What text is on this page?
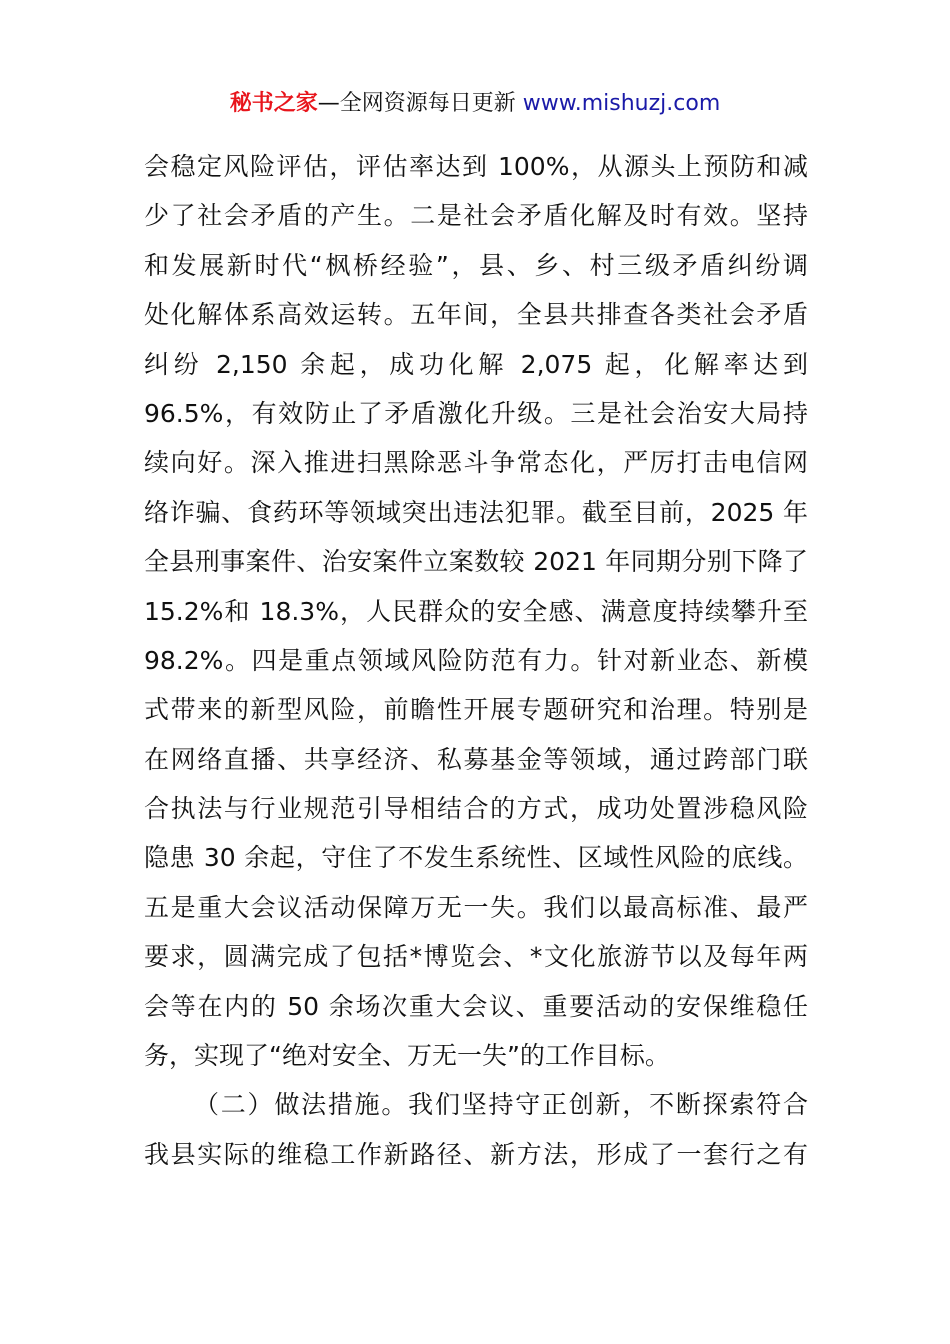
秘书之家—全网资源每日更新 www.mishuzj.com
会稳定风险评估，评估率达到 100%，从源头上预防和减
少了社会矛盾的产生。二是社会矛盾化解及时有效。坚持
和发展新时代“枫桥经验”，县、乡、村三级矛盾纠纷调
处化解体系高效运转。五年间，全县共排查各类社会矛盾
纠纷 2,150 余起，成功化解 2,075 起，化解率达到
96.5%，有效防止了矛盾激化升级。三是社会治安大局持
续向好。深入推进扫黑除恶斗争常态化，严厉打击电信网
络诈骗、食药环等领域突出违法犯罪。截至目前，2025 年
全县刑事案件、治安案件立案数较 2021 年同期分别下降了
15.2%和 18.3%，人民群众的安全感、满意度持续攀升至
98.2%。四是重点领域风险防范有力。针对新业态、新模
式带来的新型风险，前瞻性开展专题研究和治理。特别是
在网络直播、共享经济、私募基金等领域，通过跨部门联
合执法与行业规范引导相结合的方式，成功处置涉稳风险
隐患 30 余起，守住了不发生系统性、区域性风险的底线。
五是重大会议活动保障万无一失。我们以最高标准、最严
要求，圆满完成了包括*博览会、*文化旅游节以及每年两
会等在内的 50 余场次重大会议、重要活动的安保维稳任
务，实现了“绝对安全、万无一失”的工作目标。
（二）做法措施。我们坚持守正创新，不断探索符合
我县实际的维稳工作新路径、新方法，形成了一套行之有
